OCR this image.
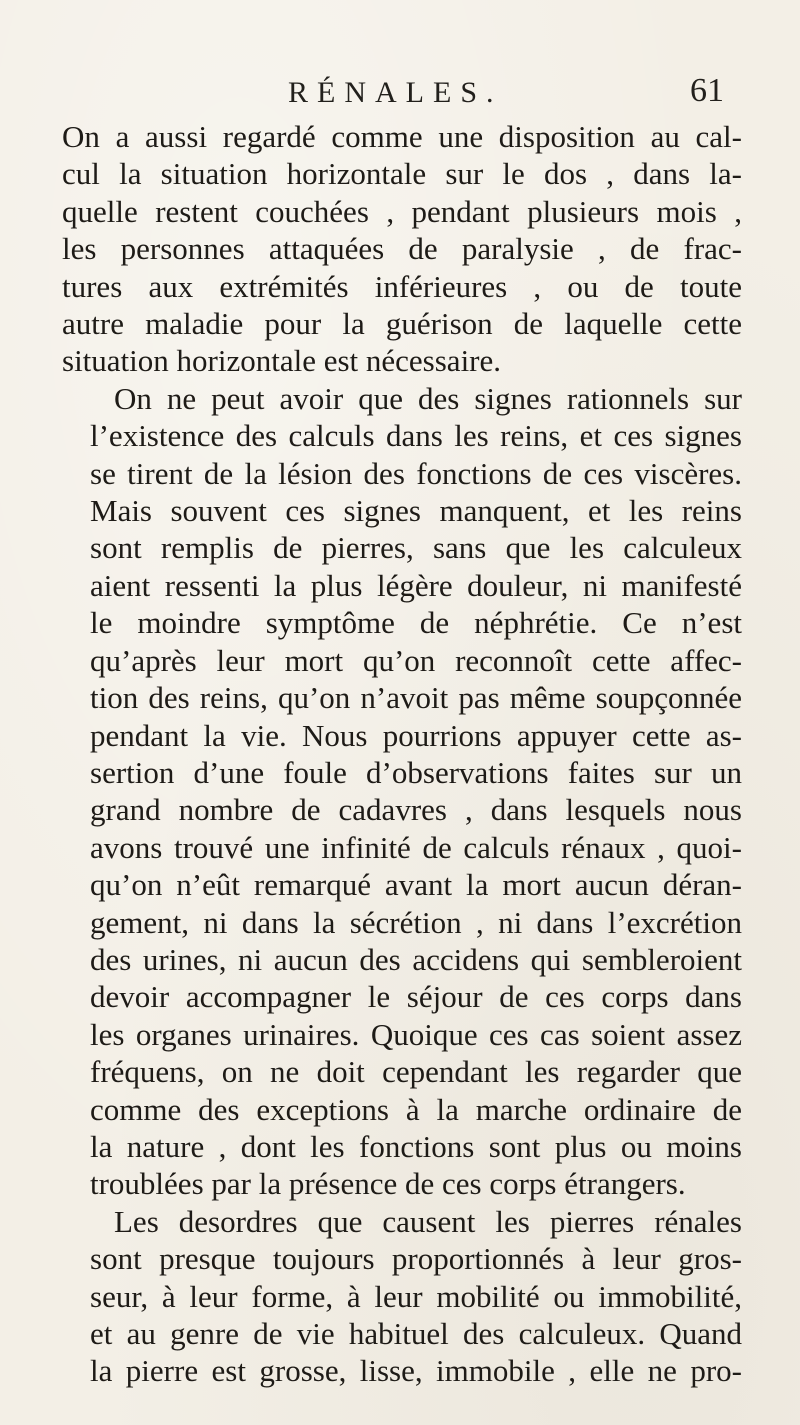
RÉNALES.	61

On a aussi regardé comme une disposition au cal-
cul la situation horizontale sur le dos , dans la-
quelle restent couchées , pendant plusieurs mois ,
les personnes attaquées de paralysie , de frac-
tures aux extrémités inférieures , ou de toute
autre maladie pour la guérison de laquelle cette
situation horizontale est nécessaire.

On ne peut avoir que des signes rationnels sur
l’existence des calculs dans les reins, et ces signes
se tirent de la lésion des fonctions de ces viscères.
Mais souvent ces signes manquent, et les reins
sont remplis de pierres, sans que les calculeux
aient ressenti la plus légère douleur, ni manifesté
le moindre symptôme de néphrétie. Ce n’est
qu’après leur mort qu’on reconnoît cette affec-
tion des reins, qu’on n’avoit pas même soupçonnée
pendant la vie. Nous pourrions appuyer cette as-
sertion d’une foule d’observations faites sur un
grand nombre de cadavres , dans lesquels nous
avons trouvé une infinité de calculs rénaux , quoi-
qu’on n’eût remarqué avant la mort aucun déran-
gement, ni dans la sécrétion , ni dans l’excrétion
des urines, ni aucun des accidens qui sembleroient
devoir accompagner le séjour de ces corps dans
les organes urinaires. Quoique ces cas soient assez
fréquens, on ne doit cependant les regarder que
comme des exceptions à la marche ordinaire de
la nature , dont les fonctions sont plus ou moins
troublées par la présence de ces corps étrangers.

Les desordres que causent les pierres rénales
sont presque toujours proportionnés à leur gros-
seur, à leur forme, à leur mobilité ou immobilité,
et au genre de vie habituel des calculeux. Quand
la pierre est grosse, lisse, immobile , elle ne pro-
